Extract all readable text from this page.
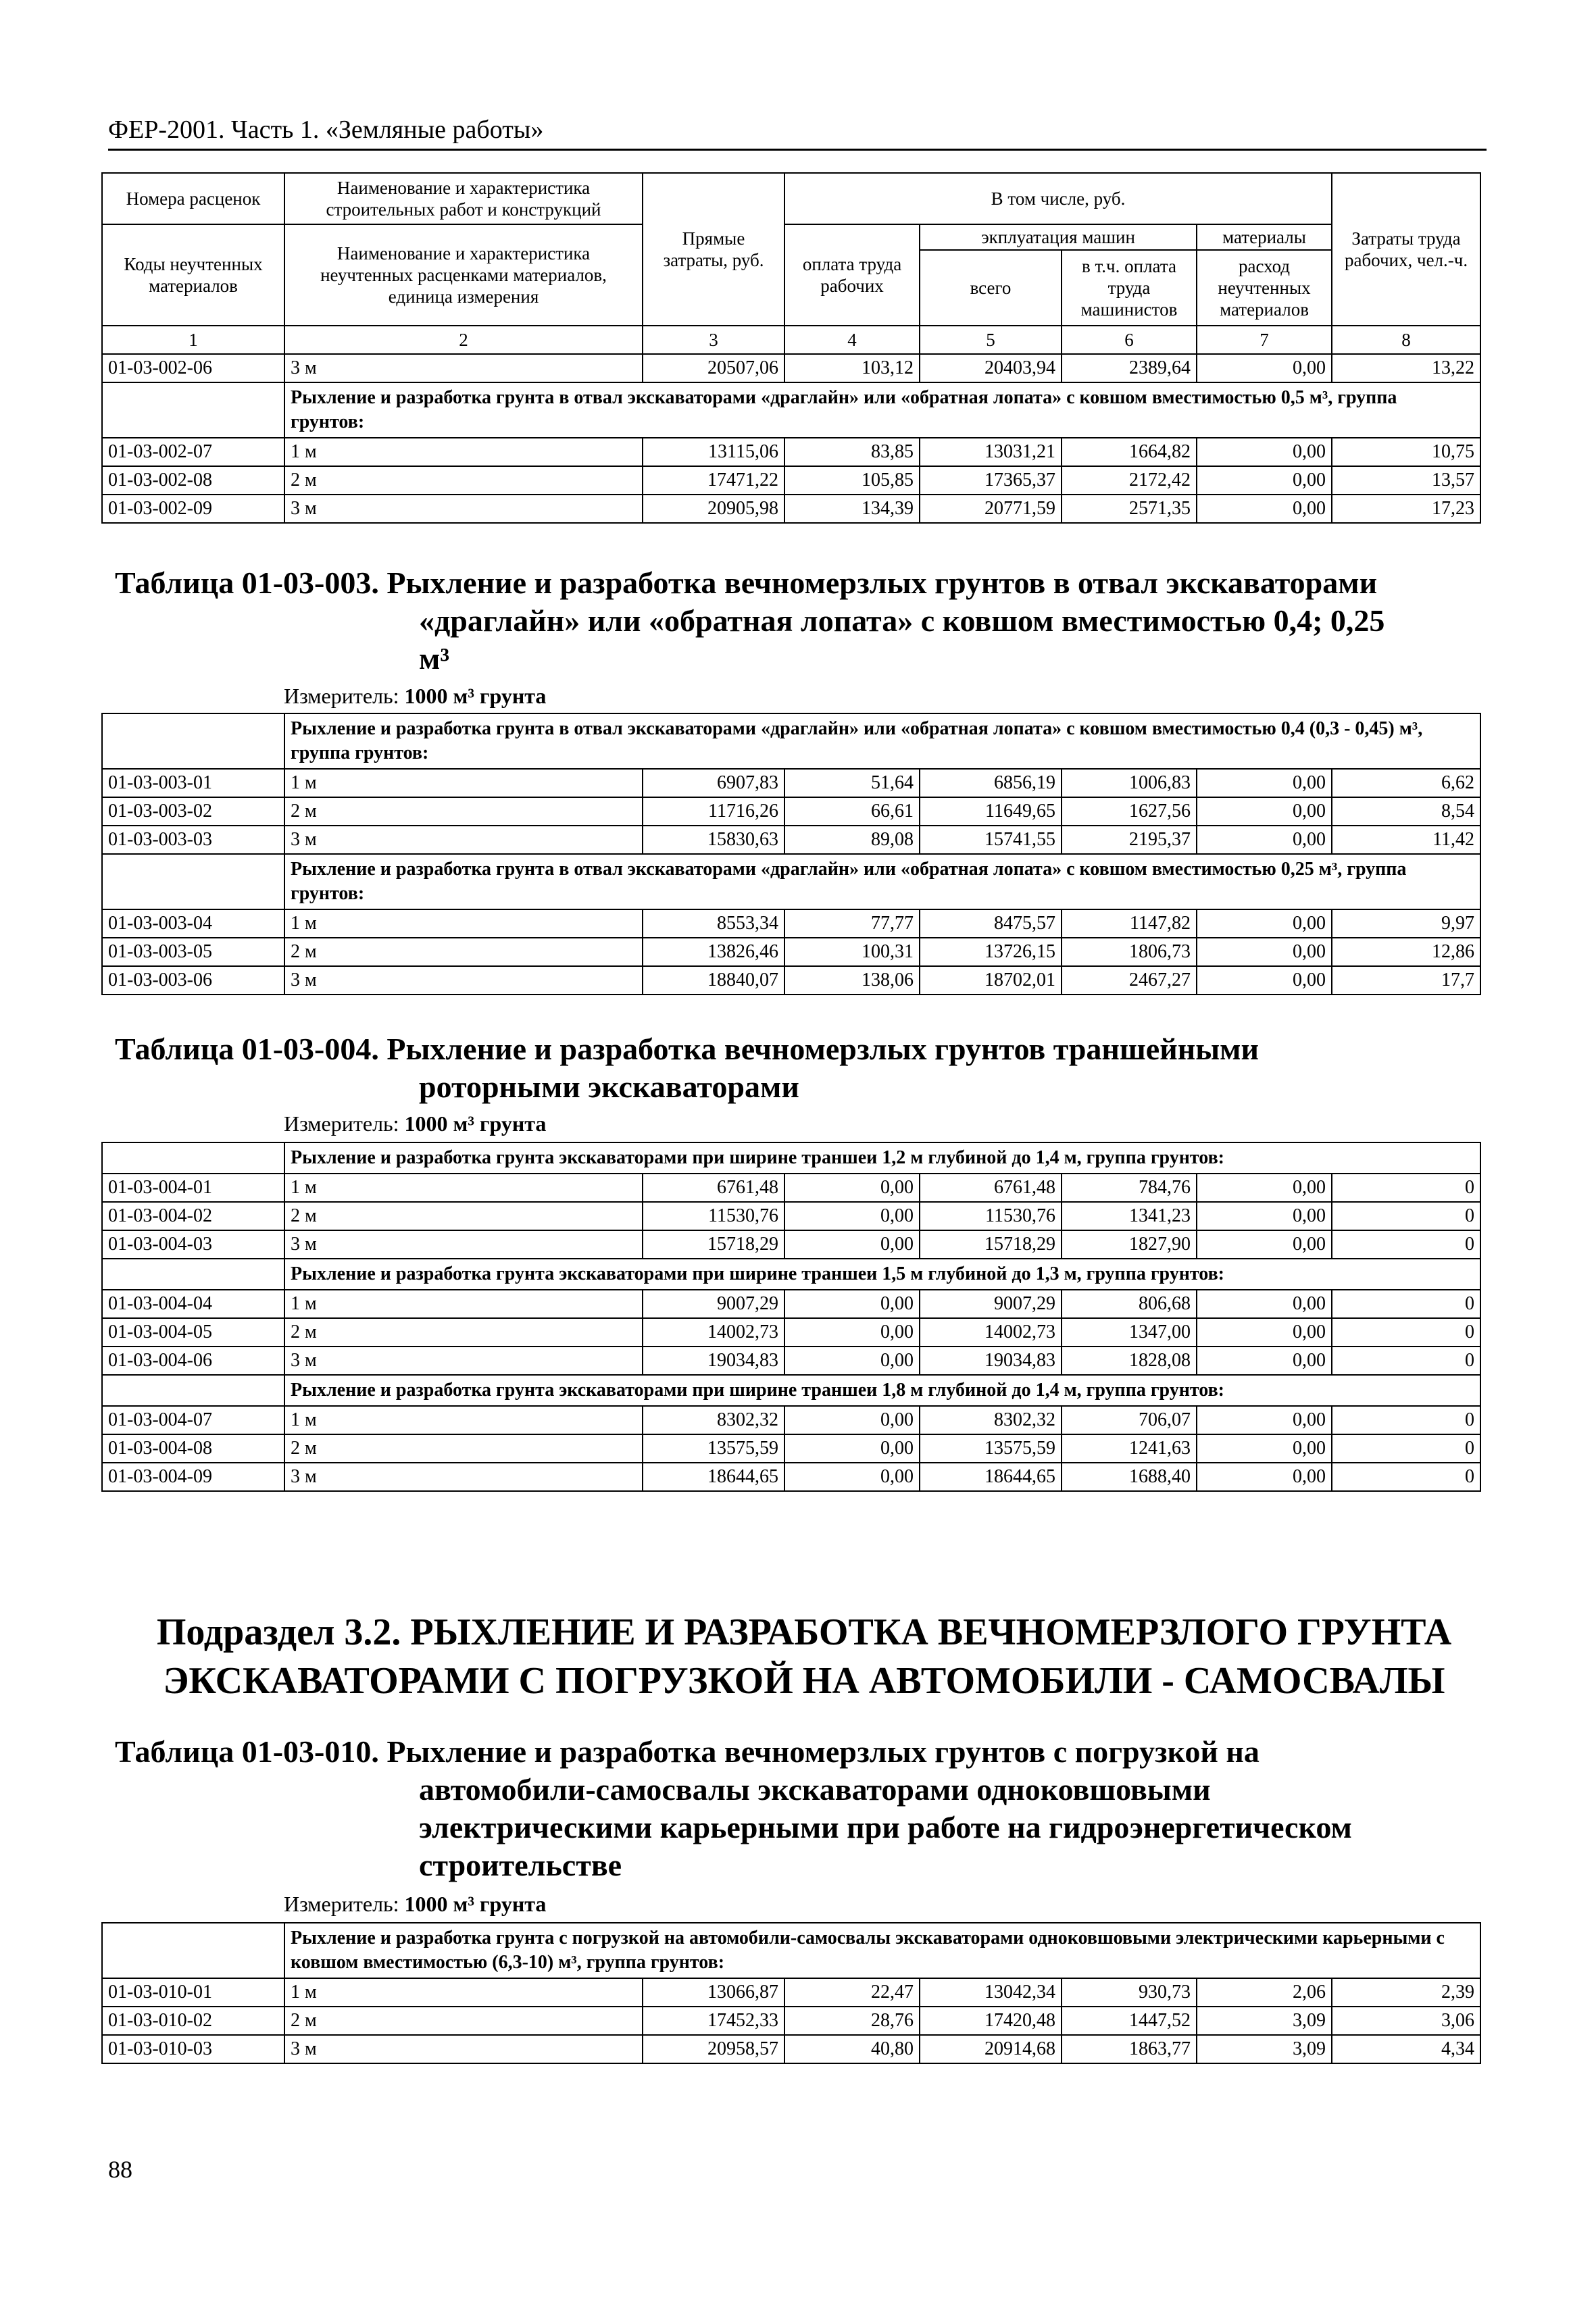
ФЕР-2001. Часть 1. «Земляные работы»
Номера расценок	Наименование и характеристика строительных работ и конструкций	Прямые затраты, руб.	В том числе, руб.				Затраты труда рабочих, чел.-ч.
Коды неучтенных материалов	Наименование и характеристика неучтенных расценками материалов, единица измерения		оплата труда рабочих	экплуатация машин		материалы	
				всего	в т.ч. оплата труда машинистов	расход неучтенных материалов	
1	2	3	4	5	6	7	8
01-03-002-06	3 м	20507,06	103,12	20403,94	2389,64	0,00	13,22
	Рыхление и разработка грунта в отвал экскаваторами «драглайн» или «обратная лопата» с ковшом вместимостью 0,5 м³, группа грунтов:						
01-03-002-07	1 м	13115,06	83,85	13031,21	1664,82	0,00	10,75
01-03-002-08	2 м	17471,22	105,85	17365,37	2172,42	0,00	13,57
01-03-002-09	3 м	20905,98	134,39	20771,59	2571,35	0,00	17,23
Таблица 01-03-003. Рыхление и разработка вечномерзлых грунтов в отвал экскаваторами
«драглайн» или «обратная лопата» с ковшом вместимостью 0,4; 0,25
м³
Измеритель: 1000 м³ грунта
	Рыхление и разработка грунта в отвал экскаваторами «драглайн» или «обратная лопата» с ковшом вместимостью 0,4 (0,3 - 0,45) м³, группа грунтов:						
01-03-003-01	1 м	6907,83	51,64	6856,19	1006,83	0,00	6,62
01-03-003-02	2 м	11716,26	66,61	11649,65	1627,56	0,00	8,54
01-03-003-03	3 м	15830,63	89,08	15741,55	2195,37	0,00	11,42
	Рыхление и разработка грунта в отвал экскаваторами «драглайн» или «обратная лопата» с ковшом вместимостью 0,25 м³, группа грунтов:						
01-03-003-04	1 м	8553,34	77,77	8475,57	1147,82	0,00	9,97
01-03-003-05	2 м	13826,46	100,31	13726,15	1806,73	0,00	12,86
01-03-003-06	3 м	18840,07	138,06	18702,01	2467,27	0,00	17,7
Таблица 01-03-004. Рыхление и разработка вечномерзлых грунтов траншейными
роторными экскаваторами
Измеритель: 1000 м³ грунта
	Рыхление и разработка грунта экскаваторами при ширине траншеи 1,2 м глубиной до 1,4 м, группа грунтов:						
01-03-004-01	1 м	6761,48	0,00	6761,48	784,76	0,00	0
01-03-004-02	2 м	11530,76	0,00	11530,76	1341,23	0,00	0
01-03-004-03	3 м	15718,29	0,00	15718,29	1827,90	0,00	0
	Рыхление и разработка грунта экскаваторами при ширине траншеи 1,5 м глубиной до 1,3 м, группа грунтов:						
01-03-004-04	1 м	9007,29	0,00	9007,29	806,68	0,00	0
01-03-004-05	2 м	14002,73	0,00	14002,73	1347,00	0,00	0
01-03-004-06	3 м	19034,83	0,00	19034,83	1828,08	0,00	0
	Рыхление и разработка грунта экскаваторами при ширине траншеи 1,8 м глубиной до 1,4 м, группа грунтов:						
01-03-004-07	1 м	8302,32	0,00	8302,32	706,07	0,00	0
01-03-004-08	2 м	13575,59	0,00	13575,59	1241,63	0,00	0
01-03-004-09	3 м	18644,65	0,00	18644,65	1688,40	0,00	0
Подраздел 3.2. РЫХЛЕНИЕ И РАЗРАБОТКА ВЕЧНОМЕРЗЛОГО ГРУНТА
ЭКСКАВАТОРАМИ С ПОГРУЗКОЙ НА АВТОМОБИЛИ - САМОСВАЛЫ
Таблица 01-03-010. Рыхление и разработка вечномерзлых грунтов с погрузкой на
автомобили-самосвалы экскаваторами одноковшовыми
электрическими карьерными при работе на гидроэнергетическом
строительстве
Измеритель: 1000 м³ грунта
	Рыхление и разработка грунта с погрузкой на автомобили-самосвалы экскаваторами одноковшовыми электрическими карьерными с ковшом вместимостью (6,3-10) м³, группа грунтов:						
01-03-010-01	1 м	13066,87	22,47	13042,34	930,73	2,06	2,39
01-03-010-02	2 м	17452,33	28,76	17420,48	1447,52	3,09	3,06
01-03-010-03	3 м	20958,57	40,80	20914,68	1863,77	3,09	4,34
88
